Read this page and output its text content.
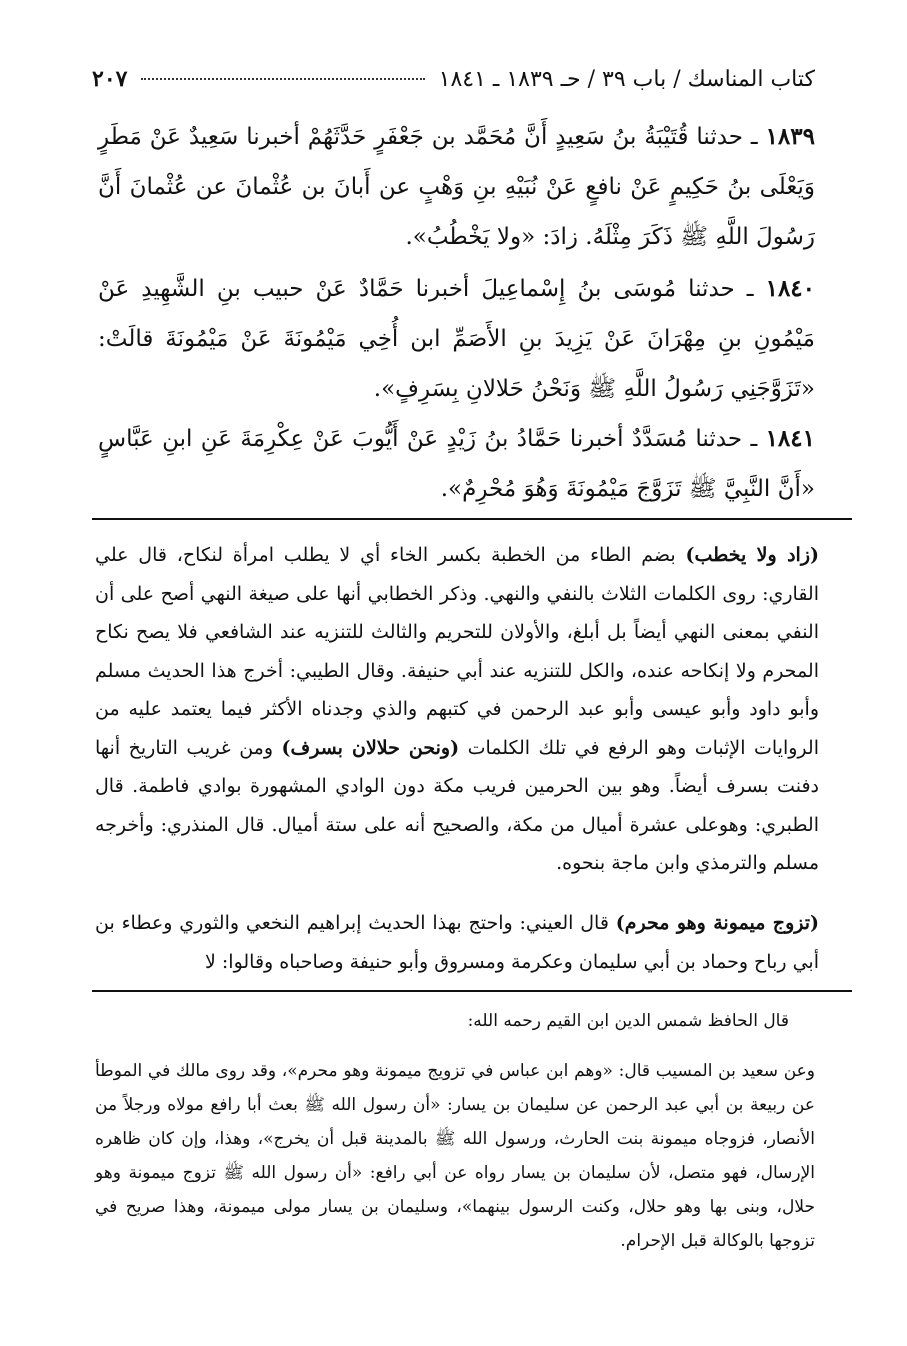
كتاب المناسك / باب ٣٩ / حـ ١٨٣٩ ـ ١٨٤١
٢٠٧
١٨٣٩ ـ حدثنا قُتَيْبَةُ بنُ سَعِيدٍ أَنَّ مُحَمَّد بن جَعْفَرٍ حَدَّثَهُمْ أخبرنا سَعِيدٌ عَنْ مَطَرٍ وَيَعْلَى بنُ حَكِيمٍ عَنْ نافعٍ عَنْ نُبَيْهِ بنِ وَهْبٍ عن أَبانَ بن عُثْمانَ عن عُثْمانَ أَنَّ رَسُولَ اللَّهِ ﷺ ذَكَرَ مِثْلَهُ. زادَ: «ولا يَخْطُبُ».
١٨٤٠ ـ حدثنا مُوسَى بنُ إِسْماعِيلَ أخبرنا حَمَّادٌ عَنْ حبيب بنِ الشَّهِيدِ عَنْ مَيْمُونِ بنِ مِهْرَانَ عَنْ يَزِيدَ بنِ الأَصَمِّ ابن أُخِي مَيْمُونَةَ عَنْ مَيْمُونَةَ قالَتْ: «تَزَوَّجَنِي رَسُولُ اللَّهِ ﷺ وَنَحْنُ حَلالانِ بِسَرِفٍ».
١٨٤١ ـ حدثنا مُسَدَّدٌ أخبرنا حَمَّادُ بنُ زَيْدٍ عَنْ أَيُّوبَ عَنْ عِكْرِمَةَ عَنِ ابنِ عَبَّاسٍ «أَنَّ النَّبِيَّ ﷺ تَزَوَّجَ مَيْمُونَةَ وَهُوَ مُحْرِمٌ».
(زاد ولا يخطب) بضم الطاء من الخطبة بكسر الخاء أي لا يطلب امرأة لنكاح، قال علي القاري: روى الكلمات الثلاث بالنفي والنهي. وذكر الخطابي أنها على صيغة النهي أصح على أن النفي بمعنى النهي أيضاً بل أبلغ، والأولان للتحريم والثالث للتنزيه عند الشافعي فلا يصح نكاح المحرم ولا إنكاحه عنده، والكل للتنزيه عند أبي حنيفة. وقال الطيبي: أخرج هذا الحديث مسلم وأبو داود وأبو عيسى وأبو عبد الرحمن في كتبهم والذي وجدناه الأكثر فيما يعتمد عليه من الروايات الإثبات وهو الرفع في تلك الكلمات (ونحن حلالان بسرف) ومن غريب التاريخ أنها دفنت بسرف أيضاً. وهو بين الحرمين فريب مكة دون الوادي المشهورة بوادي فاطمة. قال الطبري: وهوعلى عشرة أميال من مكة، والصحيح أنه على ستة أميال. قال المنذري: وأخرجه مسلم والترمذي وابن ماجة بنحوه.
(تزوج ميمونة وهو محرم) قال العيني: واحتج بهذا الحديث إبراهيم النخعي والثوري وعطاء بن أبي رباح وحماد بن أبي سليمان وعكرمة ومسروق وأبو حنيفة وصاحباه وقالوا: لا
قال الحافظ شمس الدين ابن القيم رحمه الله:
وعن سعيد بن المسيب قال: «وهم ابن عباس في تزويج ميمونة وهو محرم»، وقد روى مالك في الموطأ عن ربيعة بن أبي عبد الرحمن عن سليمان بن يسار: «أن رسول الله ﷺ بعث أبا رافع مولاه ورجلاً من الأنصار، فزوجاه ميمونة بنت الحارث، ورسول الله ﷺ بالمدينة قبل أن يخرج»، وهذا، وإن كان ظاهره الإرسال، فهو متصل، لأن سليمان بن يسار رواه عن أبي رافع: «أن رسول الله ﷺ تزوج ميمونة وهو حلال، وبنى بها وهو حلال، وكنت الرسول بينهما»، وسليمان بن يسار مولى ميمونة، وهذا صريح في تزوجها بالوكالة قبل الإحرام.
